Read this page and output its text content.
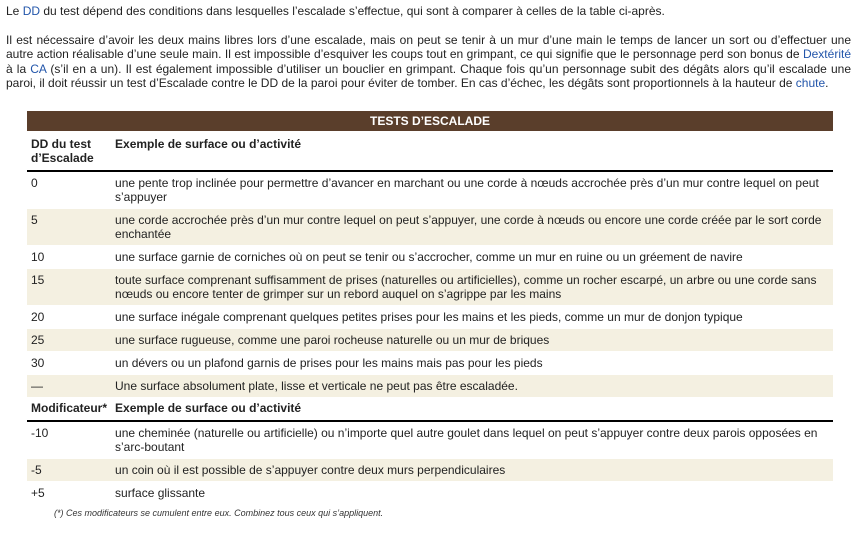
Le DD du test dépend des conditions dans lesquelles l’escalade s’effectue, qui sont à comparer à celles de la table ci-après.

Il est nécessaire d’avoir les deux mains libres lors d’une escalade, mais on peut se tenir à un mur d’une main le temps de lancer un sort ou d’effectuer une autre action réalisable d’une seule main. Il est impossible d’esquiver les coups tout en grimpant, ce qui signifie que le personnage perd son bonus de Dextérité à la CA (s’il en a un). Il est également impossible d’utiliser un bouclier en grimpant. Chaque fois qu’un personnage subit des dégâts alors qu’il escalade une paroi, il doit réussir un test d’Escalade contre le DD de la paroi pour éviter de tomber. En cas d’échec, les dégâts sont proportionnels à la hauteur de chute.

TESTS D’ESCALADE	
DD du test d’Escalade	Exemple de surface ou d’activité
0	une pente trop inclinée pour permettre d’avancer en marchant ou une corde à nœuds accrochée près d’un mur contre lequel on peut s’appuyer
5	une corde accrochée près d’un mur contre lequel on peut s’appuyer, une corde à nœuds ou encore une corde créée par le sort corde enchantée
10	une surface garnie de corniches où on peut se tenir ou s’accrocher, comme un mur en ruine ou un gréement de navire
15	toute surface comprenant suffisamment de prises (naturelles ou artificielles), comme un rocher escarpé, un arbre ou une corde sans nœuds ou encore tenter de grimper sur un rebord auquel on s’agrippe par les mains
20	une surface inégale comprenant quelques petites prises pour les mains et les pieds, comme un mur de donjon typique
25	une surface rugueuse, comme une paroi rocheuse naturelle ou un mur de briques
30	un dévers ou un plafond garnis de prises pour les mains mais pas pour les pieds
—	Une surface absolument plate, lisse et verticale ne peut pas être escaladée.
Modificateur*	Exemple de surface ou d’activité
-10	une cheminée (naturelle ou artificielle) ou n’importe quel autre goulet dans lequel on peut s’appuyer contre deux parois opposées en s’arc-boutant
-5	un coin où il est possible de s’appuyer contre deux murs perpendiculaires
+5	surface glissante
(*) Ces modificateurs se cumulent entre eux. Combinez tous ceux qui s’appliquent.
